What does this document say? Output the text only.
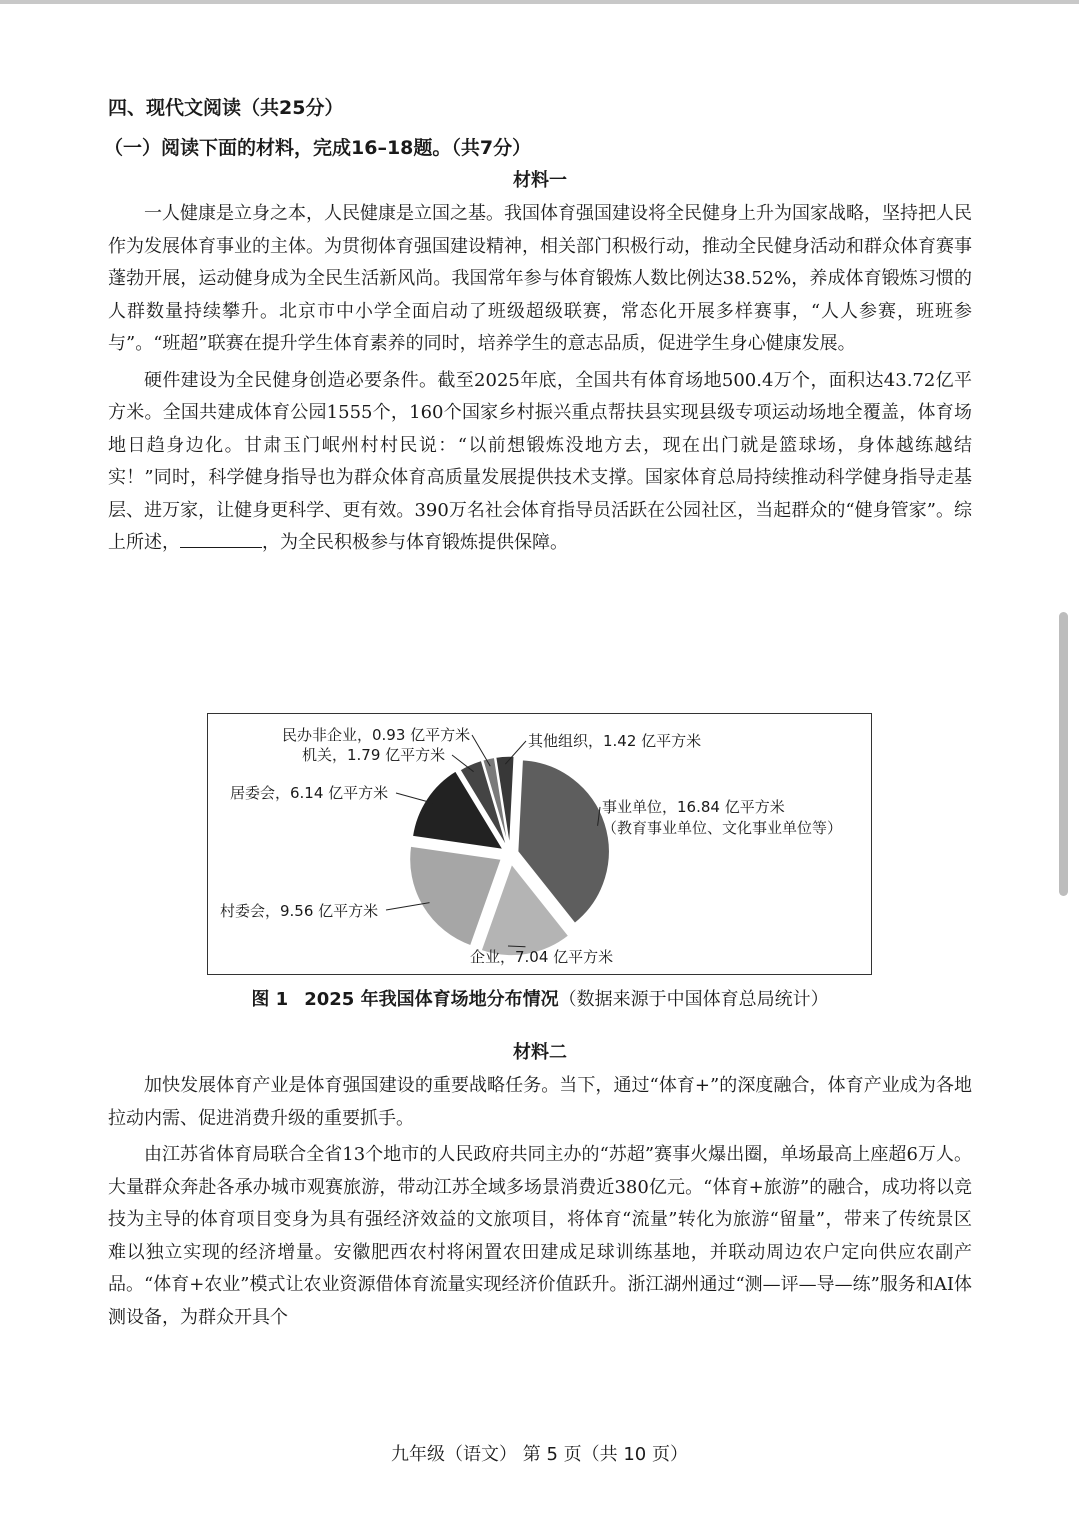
四、现代文阅读（共25分）
（一）阅读下面的材料，完成16–18题。（共7分）
材料一

一人健康是立身之本，人民健康是立国之基。我国体育强国建设将全民健身上升为国家战略，坚持把人民作为发展体育事业的主体。为贯彻体育强国建设精神，相关部门积极行动，推动全民健身活动和群众体育赛事蓬勃开展，运动健身成为全民生活新风尚。我国常年参与体育锻炼人数比例达38.52%，养成体育锻炼习惯的人群数量持续攀升。北京市中小学全面启动了班级超级联赛，常态化开展多样赛事，“人人参赛，班班参与”。“班超”联赛在提升学生体育素养的同时，培养学生的意志品质，促进学生身心健康发展。

硬件建设为全民健身创造必要条件。截至2025年底，全国共有体育场地500.4万个，面积达43.72亿平方米。全国共建成体育公园1555个，160个国家乡村振兴重点帮扶县实现县级专项运动场地全覆盖，体育场地日趋身边化。甘肃玉门岷州村村民说：“以前想锻炼没地方去，现在出门就是篮球场，身体越练越结实！”同时，科学健身指导也为群众体育高质量发展提供技术支撑。国家体育总局持续推动科学健身指导走基层、进万家，让健身更科学、更有效。390万名社会体育指导员活跃在公园社区，当起群众的“健身管家”。综上所述，	，为全民积极参与体育锻炼提供保障。

事业单位，16.84 亿平方米
（教育事业单位、文化事业单位等）
企业，7.04 亿平方米
村委会，9.56 亿平方米
居委会，6.14 亿平方米
机关，1.79 亿平方米
民办非企业，0.93 亿平方米	其他组织，1.42 亿平方米
图 1 2025 年我国体育场地分布情况（数据来源于中国体育总局统计）
材料二

加快发展体育产业是体育强国建设的重要战略任务。当下，通过“体育+”的深度融合，体育产业成为各地拉动内需、促进消费升级的重要抓手。

由江苏省体育局联合全省13个地市的人民政府共同主办的“苏超”赛事火爆出圈，单场最高上座超6万人。大量群众奔赴各承办城市观赛旅游，带动江苏全域多场景消费近380亿元。“体育+旅游”的融合，成功将以竞技为主导的体育项目变身为具有强经济效益的文旅项目，将体育“流量”转化为旅游“留量”，带来了传统景区难以独立实现的经济增量。安徽肥西农村将闲置农田建成足球训练基地，并联动周边农户定向供应农副产品。“体育+农业”模式让农业资源借体育流量实现经济价值跃升。浙江湖州通过“测—评—导—练”服务和AI体测设备，为群众开具个

九年级（语文） 第 5 页（共 10 页）
